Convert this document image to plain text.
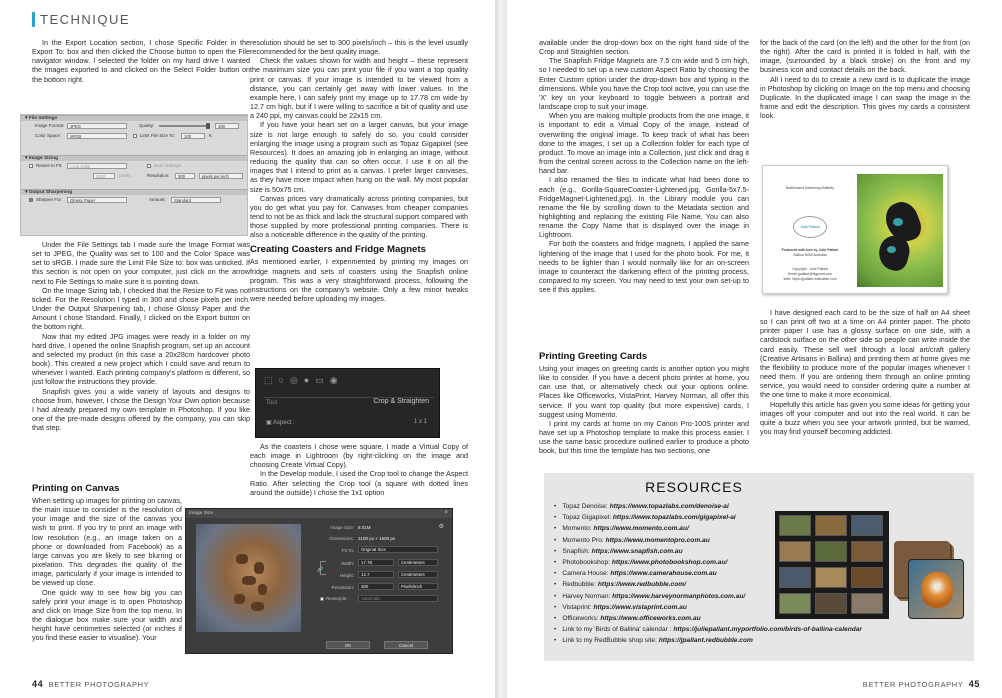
TECHNIQUE

In the Export Location section, I chose Specific Folder in the Export To: box and then clicked the Choose button to open the File navigator window. I selected the folder on my hard drive I wanted the images exported to and clicked on the Select Folder button on the bottom right.

▾ File Settings
Image Format:	JPEG	Quality:	100
Color Space:	sRGB	Limit File Size To:	100	K
▾ Image Sizing
Resize to Fit:	Long Edge	Don't Enlarge
2000	pixels	Resolution:	300	pixels per inch
▾ Output Sharpening
Sharpen For:	Glossy Paper	Amount:	Standard

Under the File Settings tab I made sure the Image Format was set to JPEG, the Quality was set to 100 and the Color Space was set to sRGB. I made sure the Limit File Size to: box was unticked. If this section is not open on your computer, just click on the arrow next to File Settings to make sure it is pointing down.

On the Image Sizing tab, I checked that the Resize to Fit was not ticked. For the Resolution I typed in 300 and chose pixels per inch. Under the Output Sharpening tab, I chose Glossy Paper and the Amount I chose Standard. Finally, I clicked on the Export button on the bottom right.

Now that my edited JPG images were ready in a folder on my hard drive, I opened the online Snapfish program, set up an account and selected my product (in this case a 20x28cm hardcover photo book). This created a new project which I could save and return to whenever I wanted. Each printing company's platform is different, so just follow the instructions they provide.

Snapfish gives you a wide variety of layouts and designs to choose from, however, I chose the Design Your Own option because I had already prepared my own template in Photoshop. If you like one of the pre-made designs offered by the company, you can skip that step.

Printing on Canvas

When setting up images for printing on canvas, the main issue to consider is the resolution of your image and the size of the canvas you wish to print. If you try to print an image with low resolution (e.g., an image taken on a phone or downloaded from Facebook) as a large canvas you are likely to see blurring or pixelation. This degrades the quality of the image, particularly if your image is intended to be viewed up close.

One quick way to see how big you can safely print your image is to open Photoshop and click on Image Size from the top menu. In the dialogue box make sure your width and height have centimetres selected (or inches if you find these easier to visualise). Your

resolution should be set to 300 pixels/inch – this is the level usually recommended for the best quality image.

Check the values shown for width and height – these represent the maximum size you can print your file if you want a top quality print or canvas. If your image is intended to be viewed from a distance, you can certainly get away with lower values. In the example here, I can safely print my image up to 17.78 cm wide by 12.7 cm high, but if I were willing to sacrifice a bit of quality and use a 240 ppi, my canvas could be 22x15 cm.

If you have your heart set on a larger canvas, but your image size is not large enough to safely do so, you could consider enlarging the image using a program such as Topaz Gigapixel (see Resources). It does an amazing job in enlarging an image, without reducing the quality that can so often occur. I use it on all the images that I intend to print as a canvas. I prefer larger canvases, as they have more impact when hung on the wall. My most popular size is 50x75 cm.

Canvas prices vary dramatically across printing companies, but you do get what you pay for. Canvases from cheaper companies tend to not be as thick and lack the structural support compared with those supplied by more professional printing companies. There is also a noticeable difference in the quality of the printing.

Creating Coasters and Fridge Magnets

As mentioned earlier, I experimented by printing my images on fridge magnets and sets of coasters using the Snapfish online program. This was a very straightforward process, following the instructions on the company's website. Only a few minor tweaks were needed before uploading my images.

⬚○◎●▭◉
Tool	Crop & Straighten
▣ Aspect :	1 x 1

As the coasters I chose were square, I made a Virtual Copy of each image in Lightroom (by right-clicking on the image and choosing Create Virtual Copy).

In the Develop module, I used the Crop tool to change the Aspect Ratio. After selecting the Crop tool (a square with dotted lines around the outside) I chose the 1x1 option

Image Size	×
Image Size: 8.01M	⚙
Dimensions: 2100 px × 1500 px
Fit To:	Original Size
Width:	17.78	Centimeters
🔗
Height:	12.7	Centimeters
Resolution:	300	Pixels/Inch
Resample:	Automatic
OK	Cancel
44 BETTER PHOTOGRAPHY

available under the drop-down box on the right hand side of the Crop and Straighten section.

The Snapfish Fridge Magnets are 7.5 cm wide and 5 cm high, so I needed to set up a new custom Aspect Ratio by choosing the Enter Custom option under the drop-down box and typing in the dimensions. While you have the Crop tool active, you can use the 'X' key on your keyboard to toggle between a portrait and landscape crop to suit your image.

When you are making multiple products from the one image, it is important to edit a Virtual Copy of the image, instead of overwriting the original image. To keep track of what has been done to the images, I set up a Collection folder for each type of product. To move an image into a Collection, just click and drag it from the central screen across to the Collection name on the left-hand bar.

I also renamed the files to indicate what had been done to each (e.g., Gorilla-SquareCoaster-Lightened.jpg, Gorilla-5x7.5-FridgeMagnet-Lightened.jpg). In the Library module you can rename the file by scrolling down to the Metadata section and highlighting and replacing the existing File Name. You can also rename the Copy Name that is displayed over the image in Lightroom.

For both the coasters and fridge magnets, I applied the same lightening of the image that I used for the photo book. For me, it needs to be lighter than I would normally like for an on-screen image to counteract the darkening effect of the printing process, compared to my screen. You may need to test your own set-up to see if this applies.

Printing Greeting Cards

Using your images on greeting cards is another option you might like to consider. If you have a decent photo printer at home, you can use that, or alternatively check out your options online. Places like Officeworks, VistaPrint, Harvey Norman, all offer this service. If you want top quality (but more expensive) cards, I suggest using Momento.

I print my cards at home on my Canon Pro-100S printer and have set up a Photoshop template to make this process easier. I use the same basic procedure outlined earlier to produce a photo book, but this time the template has two sections, one

for the back of the card (on the left) and the other for the front (on the right). After the card is printed it is folded in half, with the image, (surrounded by a black stroke) on the front and my business icon and contact details on the back.

All I need to do to create a new card is to duplicate the image in Photoshop by clicking on Image on the top menu and choosing Duplicate. In the duplicated image I can swap the image in the frame and edit the description. This gives my cards a consistent look.

Bottlenosed Swimming Butterfly
Julie Pallant
Produced with love by Julie Pallant
Ballina NSW Australia
Copyright · Julie Pallant
Email: jpallant@bigpond.com
Web: https://jpallant.redbubble.com

I have designed each card to be the size of half an A4 sheet so I can print off two at a time on A4 printer paper. The photo printer paper I use has a glossy surface on one side, with a cardstock surface on the other side so people can write inside the card easily. These sell well through a local art/craft gallery (Creative Artisans in Ballina) and printing them at home gives me the flexibility to produce more of the popular images whenever I need them. If you are ordering them through an online printing service, you would need to consider ordering quite a number at the one time to make it more economical.

Hopefully this article has given you some ideas for getting your images off your computer and out into the real world. It can be quite a buzz when you see your artwork printed, but be warned, you may find yourself becoming addicted.

RESOURCES
• Topaz Denoise: https://www.topazlabs.com/denoise-ai
• Topaz Gigapixel: https://www.topazlabs.com/gigapixel-ai
• Momento: https://www.momento.com.au/
• Momento Pro: https://www.momentopro.com.au
• Snapfish: https://www.snapfish.com.au
• Photobookshop: https://www.photobookshop.com.au/
• Camera House: https://www.camerahouse.com.au
• Redbubble: https://www.redbubble.com/
• Harvey Norman: https://www.harveynormanphotos.com.au/
• Vistaprint: https://www.vistaprint.com.au
• Officeworks: https://www.officeworks.com.au
• Link to my 'Birds of Ballina' calendar : https://juliepallant.myportfolio.com/birds-of-ballina-calendar
• Link to my RedBubble shop site: https://jpallant.redbubble.com
BETTER PHOTOGRAPHY 45
